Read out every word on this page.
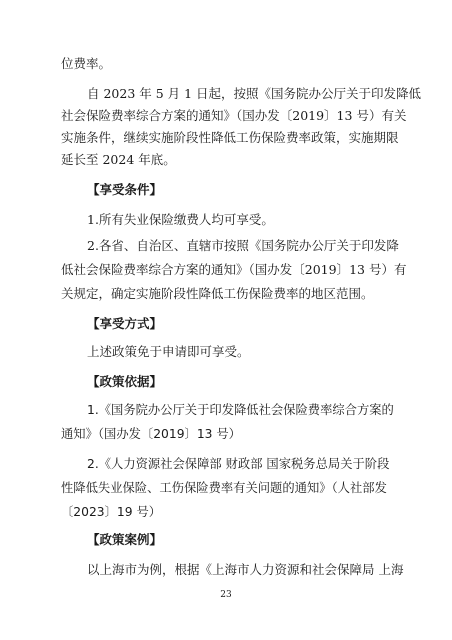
位费率。
自 2023 年 5 月 1 日起，按照《国务院办公厅关于印发降低
社会保险费率综合方案的通知》（国办发〔2019〕13 号）有关
实施条件，继续实施阶段性降低工伤保险费率政策，实施期限
延长至 2024 年底。
【享受条件】
1.所有失业保险缴费人均可享受。
2.各省、自治区、直辖市按照《国务院办公厅关于印发降
低社会保险费率综合方案的通知》（国办发〔2019〕13 号）有
关规定，确定实施阶段性降低工伤保险费率的地区范围。
【享受方式】
上述政策免于申请即可享受。
【政策依据】
1.《国务院办公厅关于印发降低社会保险费率综合方案的
通知》（国办发〔2019〕13 号）
2.《人力资源社会保障部 财政部 国家税务总局关于阶段
性降低失业保险、工伤保险费率有关问题的通知》（人社部发
〔2023〕19 号）
【政策案例】
以上海市为例，根据《上海市人力资源和社会保障局 上海
23
